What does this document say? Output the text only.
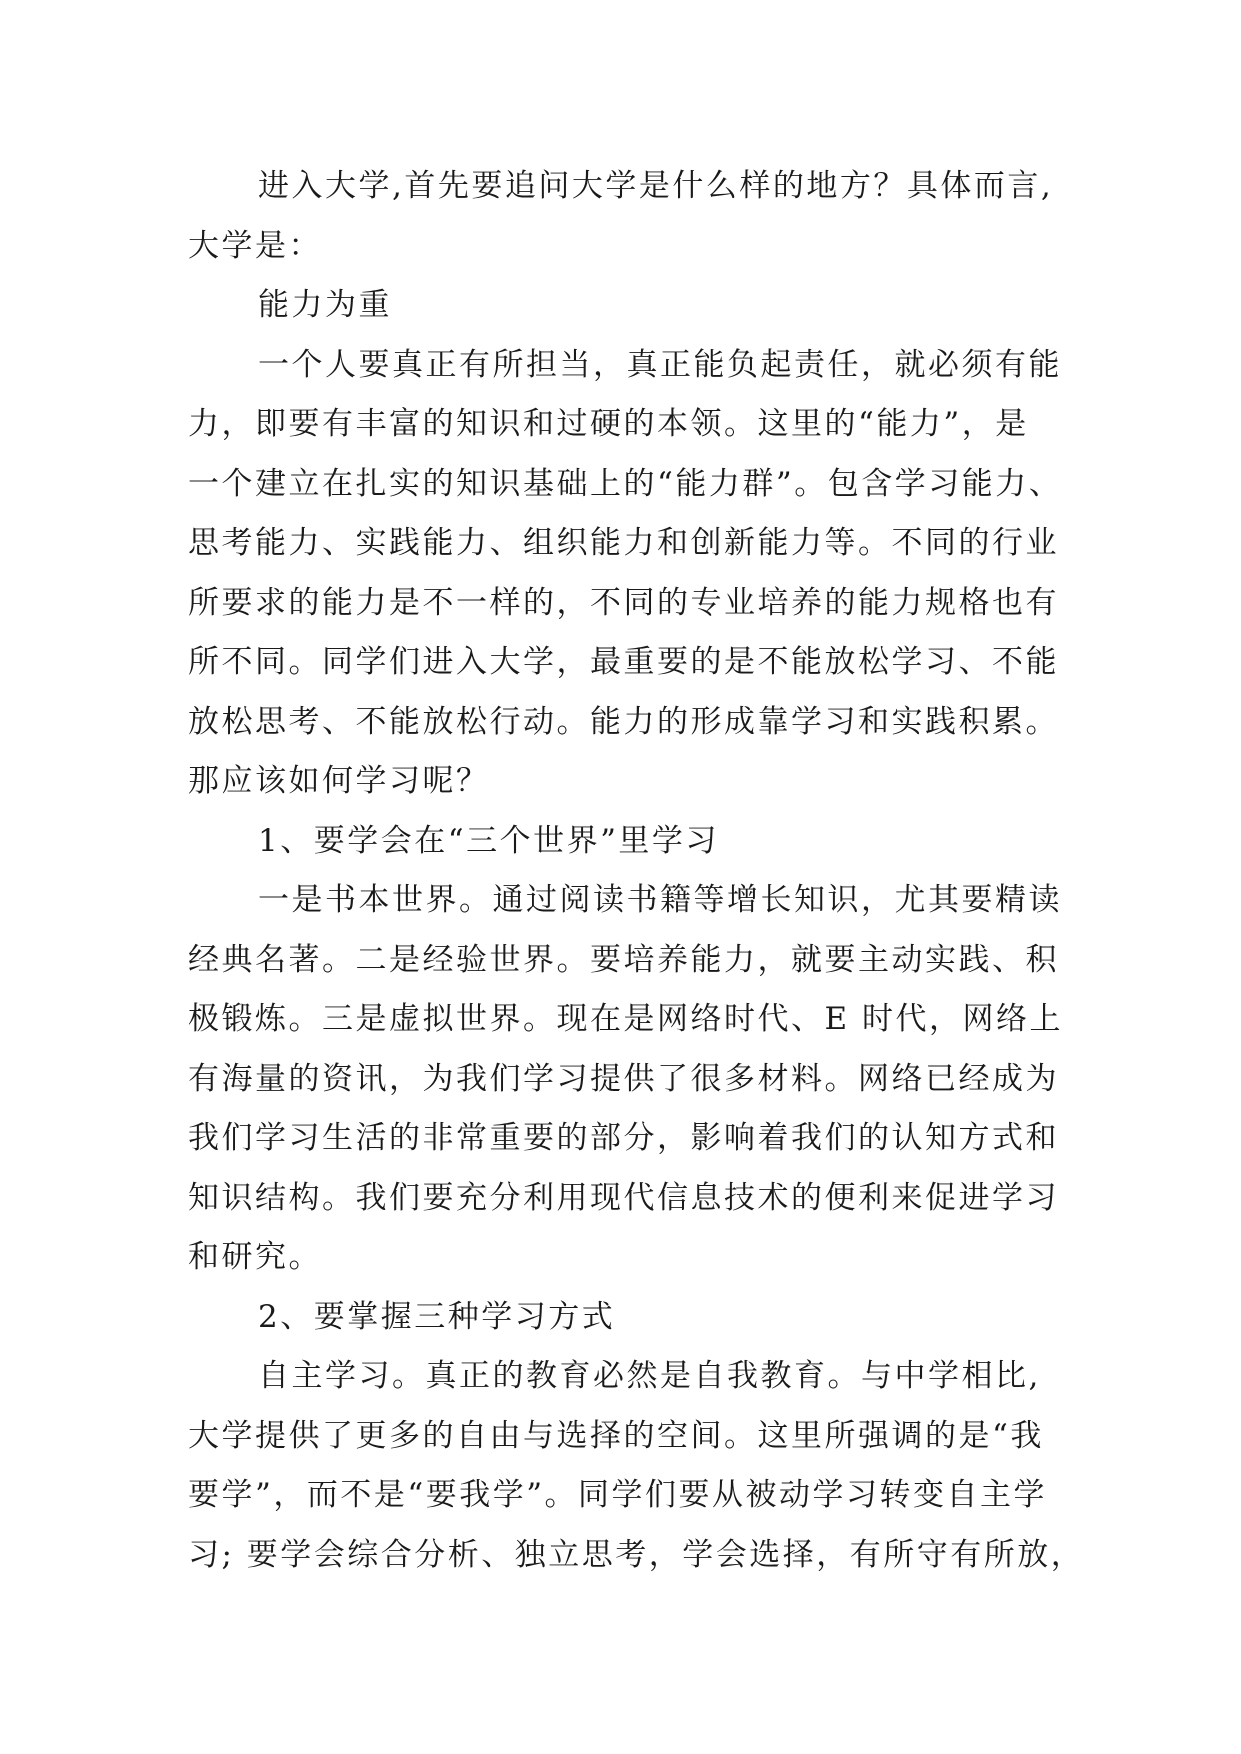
进入大学,首先要追问大学是什么样的地方？具体而言,
大学是：

能力为重

一个人要真正有所担当，真正能负起责任，就必须有能
力，即要有丰富的知识和过硬的本领。这里的“能力”，是
一个建立在扎实的知识基础上的“能力群”。包含学习能力、
思考能力、实践能力、组织能力和创新能力等。不同的行业
所要求的能力是不一样的，不同的专业培养的能力规格也有
所不同。同学们进入大学，最重要的是不能放松学习、不能
放松思考、不能放松行动。能力的形成靠学习和实践积累。
那应该如何学习呢？

1、要学会在“三个世界”里学习

一是书本世界。通过阅读书籍等增长知识，尤其要精读
经典名著。二是经验世界。要培养能力，就要主动实践、积
极锻炼。三是虚拟世界。现在是网络时代、E 时代，网络上
有海量的资讯，为我们学习提供了很多材料。网络已经成为
我们学习生活的非常重要的部分，影响着我们的认知方式和
知识结构。我们要充分利用现代信息技术的便利来促进学习
和研究。

2、要掌握三种学习方式

自主学习。真正的教育必然是自我教育。与中学相比,
大学提供了更多的自由与选择的空间。这里所强调的是“我
要学”，而不是“要我学”。同学们要从被动学习转变自主学
习; 要学会综合分析、独立思考，学会选择，有所守有所放，
